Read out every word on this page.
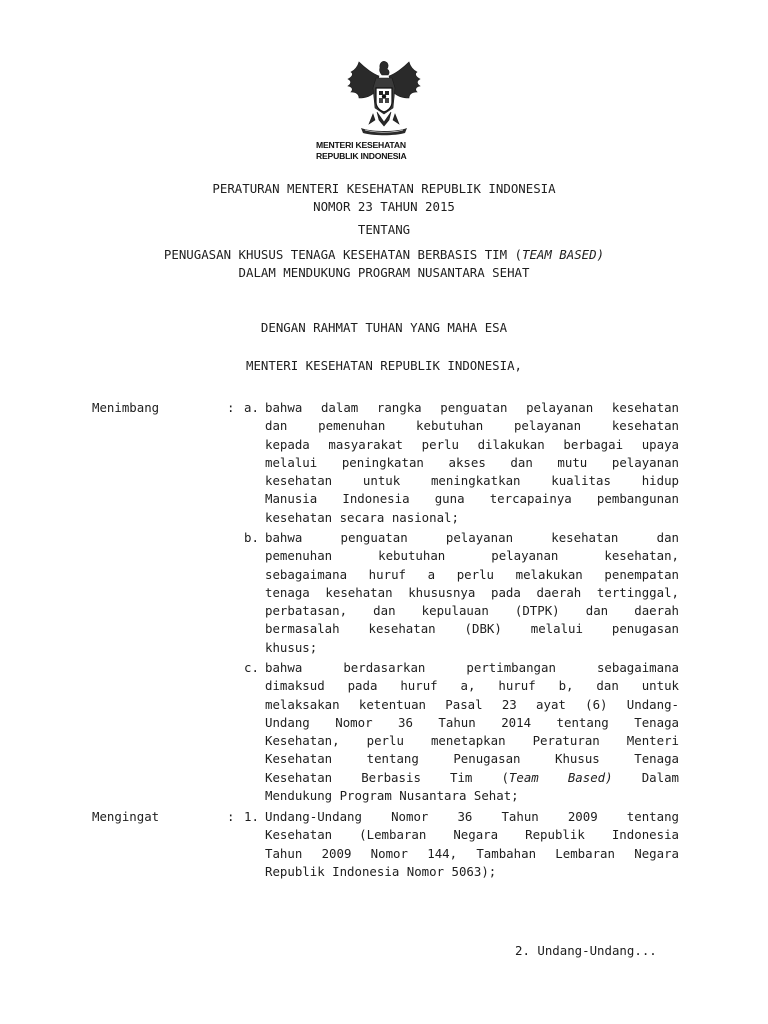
MENTERI KESEHATAN
REPUBLIK INDONESIA
PERATURAN MENTERI KESEHATAN REPUBLIK INDONESIA
NOMOR 23 TAHUN 2015
TENTANG
PENUGASAN KHUSUS TENAGA KESEHATAN BERBASIS TIM (TEAM BASED)
DALAM MENDUKUNG PROGRAM NUSANTARA SEHAT
DENGAN RAHMAT TUHAN YANG MAHA ESA
MENTERI KESEHATAN REPUBLIK INDONESIA,
Menimbang	: a. bahwa dalam rangka penguatan pelayanan kesehatan
dan pemenuhan kebutuhan pelayanan kesehatan
kepada masyarakat perlu dilakukan berbagai upaya
melalui peningkatan akses dan mutu pelayanan
kesehatan untuk meningkatkan kualitas hidup
Manusia Indonesia guna tercapainya pembangunan
kesehatan secara nasional;
b. bahwa penguatan pelayanan kesehatan dan
pemenuhan kebutuhan pelayanan kesehatan,
sebagaimana huruf a perlu melakukan penempatan
tenaga kesehatan khususnya pada daerah tertinggal,
perbatasan, dan kepulauan (DTPK) dan daerah
bermasalah kesehatan (DBK) melalui penugasan
khusus;
c. bahwa berdasarkan pertimbangan sebagaimana
dimaksud pada huruf a, huruf b, dan untuk
melaksakan ketentuan Pasal 23 ayat (6) Undang-
Undang Nomor 36 Tahun 2014 tentang Tenaga
Kesehatan, perlu menetapkan Peraturan Menteri
Kesehatan tentang Penugasan Khusus Tenaga
Kesehatan Berbasis Tim (Team Based) Dalam
Mendukung Program Nusantara Sehat;
Mengingat	: 1. Undang-Undang Nomor 36 Tahun 2009 tentang
Kesehatan (Lembaran Negara Republik Indonesia
Tahun 2009 Nomor 144, Tambahan Lembaran Negara
Republik Indonesia Nomor 5063);
2. Undang-Undang...
